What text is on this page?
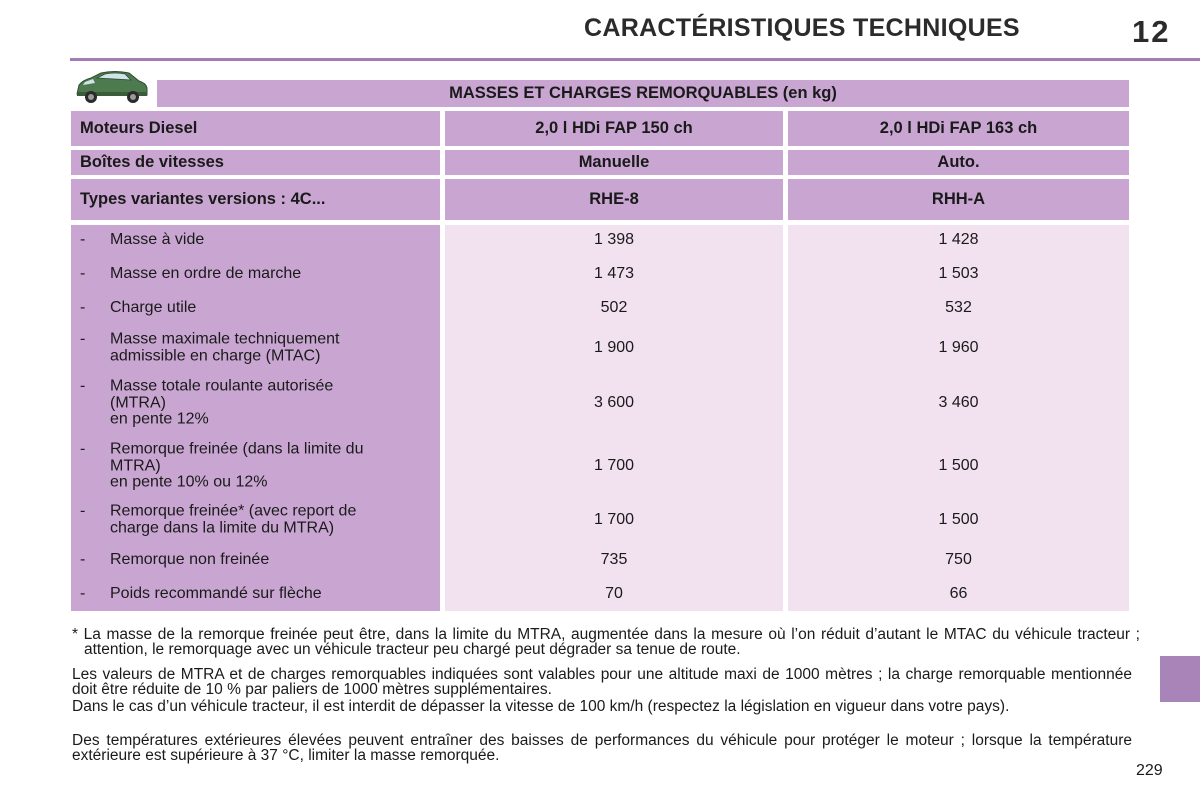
CARACTÉRISTIQUES TECHNIQUES	12
MASSES ET CHARGES REMORQUABLES (en kg)
Moteurs Diesel	2,0 l HDi FAP 150 ch	2,0 l HDi FAP 163 ch
Boîtes de vitesses	Manuelle	Auto.
Types variantes versions : 4C...	RHE-8	RHH-A
-	Masse à vide	1 398	1 428
-	Masse en ordre de marche	1 473	1 503
-	Charge utile	502	532
-	Masse maximale techniquement
admissible en charge (MTAC)	1 900	1 960
-	Masse totale roulante autorisée
(MTRA)
en pente 12%
3 600	3 460
-	Remorque freinée (dans la limite du
MTRA)
en pente 10% ou 12%
1 700	1 500
-	Remorque freinée* (avec report de
charge dans la limite du MTRA)	1 700	1 500
-	Remorque non freinée	735	750
-	Poids recommandé sur flèche	70	66
* La masse de la remorque freinée peut être, dans la limite du MTRA, augmentée dans la mesure où l’on réduit d’autant le MTAC du véhicule tracteur ; attention, le remorquage avec un véhicule tracteur peu chargé peut dégrader sa tenue de route.
Les valeurs de MTRA et de charges remorquables indiquées sont valables pour une altitude maxi de 1000 mètres ; la charge remorquable mentionnée doit être réduite de 10 % par paliers de 1000 mètres supplémentaires.
Dans le cas d’un véhicule tracteur, il est interdit de dépasser la vitesse de 100 km/h (respectez la législation en vigueur dans votre pays).
Des températures extérieures élevées peuvent entraîner des baisses de performances du véhicule pour protéger le moteur ; lorsque la température extérieure est supérieure à 37 °C, limiter la masse remorquée.
229
